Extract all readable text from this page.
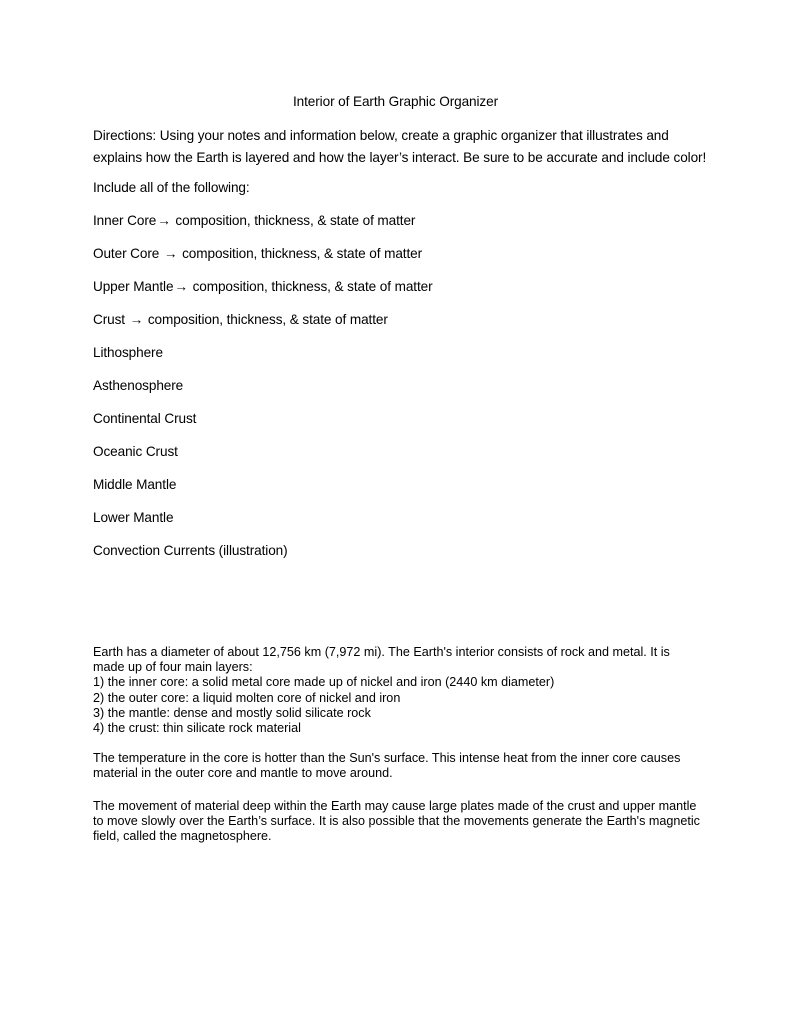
Interior of Earth Graphic Organizer
Directions: Using your notes and information below, create a graphic organizer that illustrates and explains how the Earth is layered and how the layer’s interact. Be sure to be accurate and include color!
Include all of the following:
Inner Core→ composition, thickness, & state of matter
Outer Core → composition, thickness, & state of matter
Upper Mantle→ composition, thickness, & state of matter
Crust → composition, thickness, & state of matter
Lithosphere
Asthenosphere
Continental Crust
Oceanic Crust
Middle Mantle
Lower Mantle
Convection Currents (illustration)

Earth has a diameter of about 12,756 km (7,972 mi). The Earth's interior consists of rock and metal. It is made up of four main layers:

1) the inner core: a solid metal core made up of nickel and iron (2440 km diameter)

2) the outer core: a liquid molten core of nickel and iron

3) the mantle: dense and mostly solid silicate rock

4) the crust: thin silicate rock material

The temperature in the core is hotter than the Sun's surface. This intense heat from the inner core causes material in the outer core and mantle to move around.

The movement of material deep within the Earth may cause large plates made of the crust and upper mantle to move slowly over the Earth’s surface. It is also possible that the movements generate the Earth's magnetic field, called the magnetosphere.
